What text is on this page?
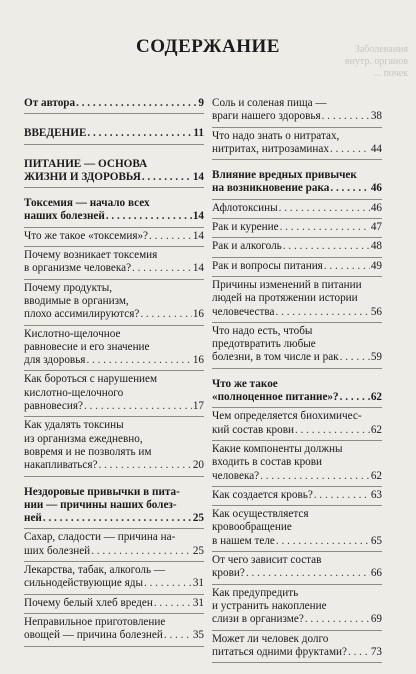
СОДЕРЖАНИЕ	Заболевания
внутр. органов
... почек
От автора . . .	9
ВВЕДЕНИЕ . . .	11
ПИТАНИЕ — ОСНОВА
ЖИЗНИ И ЗДОРОВЬЯ . . .	14
Токсемия — начало всех
наших болезней . . .	14
Что же такое «токсемия»? . . .	14
Почему возникает токсемия
в организме человека? . . .	14
Почему продукты,
вводимые в организм,
плохо ассимилируются? . . .	16
Кислотно-щелочное
равновесие и его значение
для здоровья . . .	16
Как бороться с нарушением
кислотно-щелочного
равновесия? . . .	17
Как удалять токсины
из организма ежедневно,
вовремя и не позволять им
накапливаться? . . .	20
Нездоровые привычки в пита-
нии — причины наших болез-
ней . . .	25
Сахар, сладости — причина на-
ших болезней . . .	25
Лекарства, табак, алкоголь —
сильнодействующие яды . . .	31
Почему белый хлеб вреден . . .	31
Неправильное приготовление
овощей — причина болезней . . .	35
Соль и соленая пища —
враги нашего здоровья . . .	38
Что надо знать о нитратах,
нитритах, нитрозаминах . . .	44
Влияние вредных привычек
на возникновение рака . . .	46
Афлотоксины . . .	46
Рак и курение . . .	47
Рак и алкоголь . . .	48
Рак и вопросы питания . . .	49
Причины изменений в питании
людей на протяжении истории
человечества . . .	56
Что надо есть, чтобы
предотвратить любые
болезни, в том числе и рак . . .	59
Что же такое
«полноценное питание»? . . .	62
Чем определяется биохимичес-
кий состав крови . . .	62
Какие компоненты должны
входить в состав крови
человека? . . .	62
Как создается кровь? . . .	63
Как осуществляется
кровообращение
в нашем теле . . .	65
От чего зависит состав
крови? . . .	66
Как предупредить
и устранить накопление
слизи в организме? . . .	69
Может ли человек долго
питаться одними фруктами? . . . 73
